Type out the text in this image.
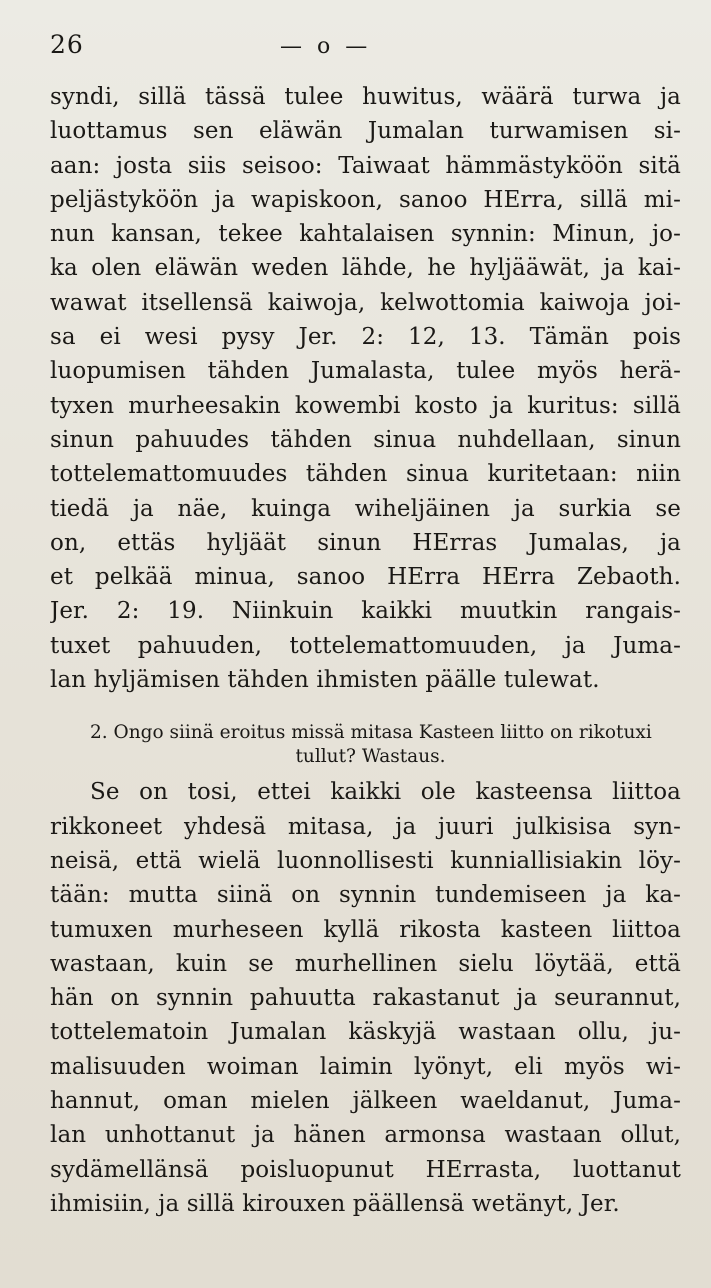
26	— o —
syndi, sillä tässä tulee huwitus, wäärä turwa ja
luottamus sen eläwän Jumalan turwamisen si-
aan: josta siis seisoo: Taiwaat hämmästyköön sitä
peljästyköön ja wapiskoon, sanoo HErra, sillä mi-
nun kansan, tekee kahtalaisen synnin: Minun, jo-
ka olen eläwän weden lähde, he hyljääwät, ja kai-
wawat itsellensä kaiwoja, kelwottomia kaiwoja joi-
sa ei wesi pysy Jer. 2: 12, 13. Tämän pois
luopumisen tähden Jumalasta, tulee myös herä-
tyxen murheesakin kowembi kosto ja kuritus: sillä
sinun pahuudes tähden sinua nuhdellaan, sinun
tottelemattomuudes tähden sinua kuritetaan: niin
tiedä ja näe, kuinga wiheljäinen ja surkia se
on, ettäs hyljäät sinun HErras Jumalas, ja
et pelkää minua, sanoo HErra HErra Zebaoth.
Jer. 2: 19. Niinkuin kaikki muutkin rangais-
tuxet pahuuden, tottelemattomuuden, ja Juma-
lan hyljämisen tähden ihmisten päälle tulewat.
2. Ongo siinä eroitus missä mitasa Kasteen liitto on rikotuxi
tullut? Wastaus.
Se on tosi, ettei kaikki ole kasteensa liittoa
rikkoneet yhdesä mitasa, ja juuri julkisisa syn-
neisä, että wielä luonnollisesti kunniallisiakin löy-
tään: mutta siinä on synnin tundemiseen ja ka-
tumuxen murheseen kyllä rikosta kasteen liittoa
wastaan, kuin se murhellinen sielu löytää, että
hän on synnin pahuutta rakastanut ja seurannut,
tottelematoin Jumalan käskyjä wastaan ollu, ju-
malisuuden woiman laimin lyönyt, eli myös wi-
hannut, oman mielen jälkeen waeldanut, Juma-
lan unhottanut ja hänen armonsa wastaan ollut,
sydämellänsä poisluopunut HErrasta, luottanut
ihmisiin, ja sillä kirouxen päällensä wetänyt, Jer.
